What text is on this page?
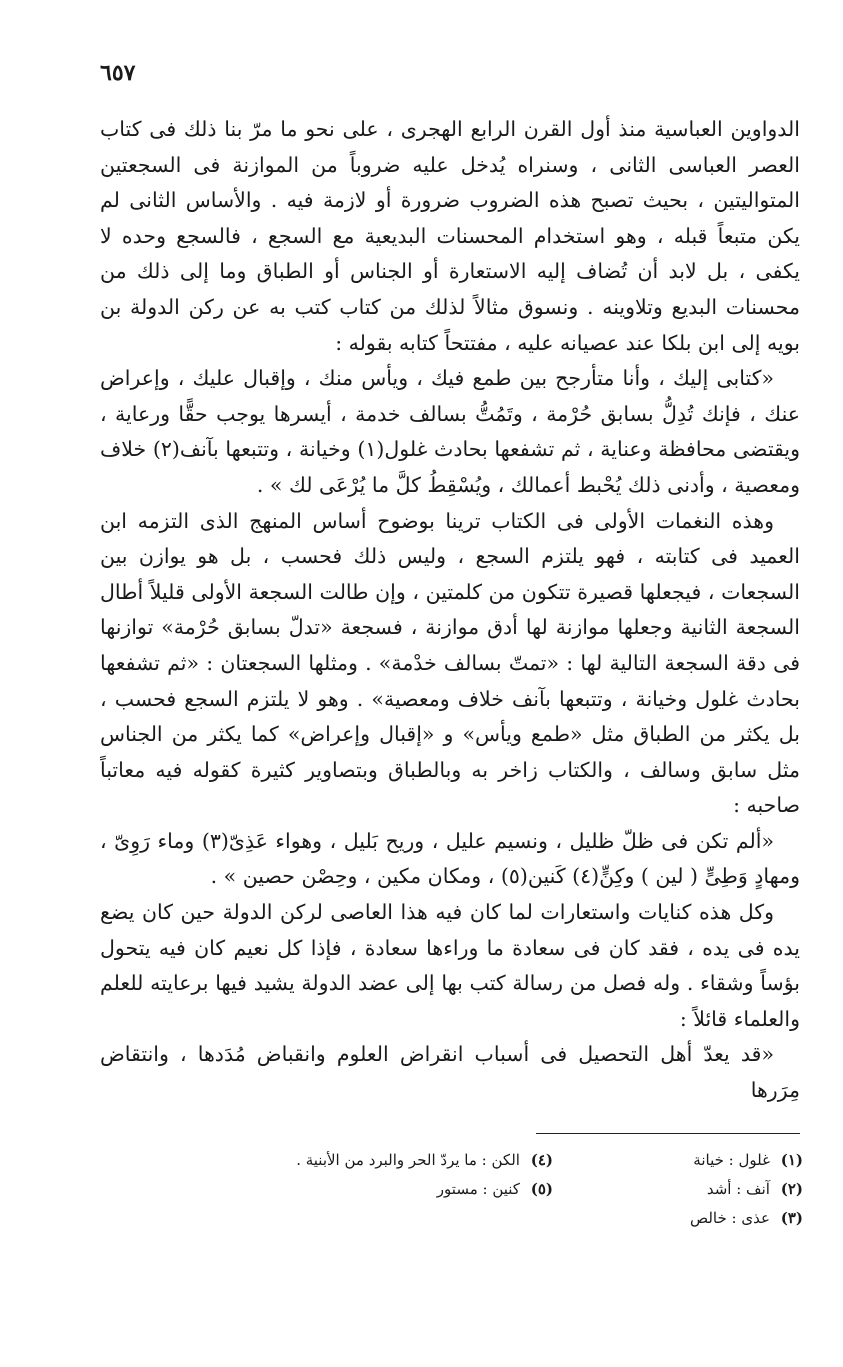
٦٥٧

الدواوين العباسية منذ أول القرن الرابع الهجرى ، على نحو ما مرّ بنا ذلك فى كتاب العصر العباسى الثانى ، وسنراه يُدخل عليه ضروباً من الموازنة فى السجعتين المتواليتين ، بحيث تصبح هذه الضروب ضرورة أو لازمة فيه . والأساس الثانى لم يكن متبعاً قبله ، وهو استخدام المحسنات البديعية مع السجع ، فالسجع وحده لا يكفى ، بل لابد أن تُضاف إليه الاستعارة أو الجناس أو الطباق وما إلى ذلك من محسنات البديع وتلاوينه . ونسوق مثالاً لذلك من كتاب كتب به عن ركن الدولة بن بويه إلى ابن بلكا عند عصيانه عليه ، مفتتحاً كتابه بقوله :

«كتابى إليك ، وأنا متأرجح بين طمع فيك ، ويأس منك ، وإقبال عليك ، وإعراض عنك ، فإنك تُدِلُّ بسابق حُرْمة ، وتَمُتُّ بسالف خدمة ، أيسرها يوجب حقًّا ورعاية ، ويقتضى محافظة وعناية ، ثم تشفعها بحادث غلول(١) وخيانة ، وتتبعها بآنف(٢) خلاف ومعصية ، وأدنى ذلك يُحْبط أعمالك ، ويُسْقِطُ كلَّ ما يُرْعَى لك » .

وهذه النغمات الأولى فى الكتاب ترينا بوضوح أساس المنهج الذى التزمه ابن العميد فى كتابته ، فهو يلتزم السجع ، وليس ذلك فحسب ، بل هو يوازن بين السجعات ، فيجعلها قصيرة تتكون من كلمتين ، وإن طالت السجعة الأولى قليلاً أطال السجعة الثانية وجعلها موازنة لها أدق موازنة ، فسجعة «تدلّ بسابق حُرْمة» توازنها فى دقة السجعة التالية لها : «تمتّ بسالف خدْمة» . ومثلها السجعتان : «ثم تشفعها بحادث غلول وخيانة ، وتتبعها بآنف خلاف ومعصية» . وهو لا يلتزم السجع فحسب ، بل يكثر من الطباق مثل «طمع ويأس» و «إقبال وإعراض» كما يكثر من الجناس مثل سابق وسالف ، والكتاب زاخر به وبالطباق وبتصاوير كثيرة كقوله فيه معاتباً صاحبه :

«ألم تكن فى ظلّ ظليل ، ونسيم عليل ، وريح بَليل ، وهواء عَذِىّ(٣) وماء رَوِىّ ، ومهادٍ وَطِىٍّ ( لين ) وكِنٍّ(٤) كَنين(٥) ، ومكان مكين ، وحِصْن حصين » .

وكل هذه كنايات واستعارات لما كان فيه هذا العاصى لركن الدولة حين كان يضع يده فى يده ، فقد كان فى سعادة ما وراءها سعادة ، فإذا كل نعيم كان فيه يتحول بؤساً وشقاء . وله فصل من رسالة كتب بها إلى عضد الدولة يشيد فيها برعايته للعلم والعلماء قائلاً :

«قد يعدّ أهل التحصيل فى أسباب انقراض العلوم وانقباض مُدَدها ، وانتقاض مِرَرها

(١) غلول : خيانة
(٢) آنف : أشد
(٣) عذى : خالص
(٤) الكن : ما يردّ الحر والبرد من الأبنية .
(٥) كنين : مستور
